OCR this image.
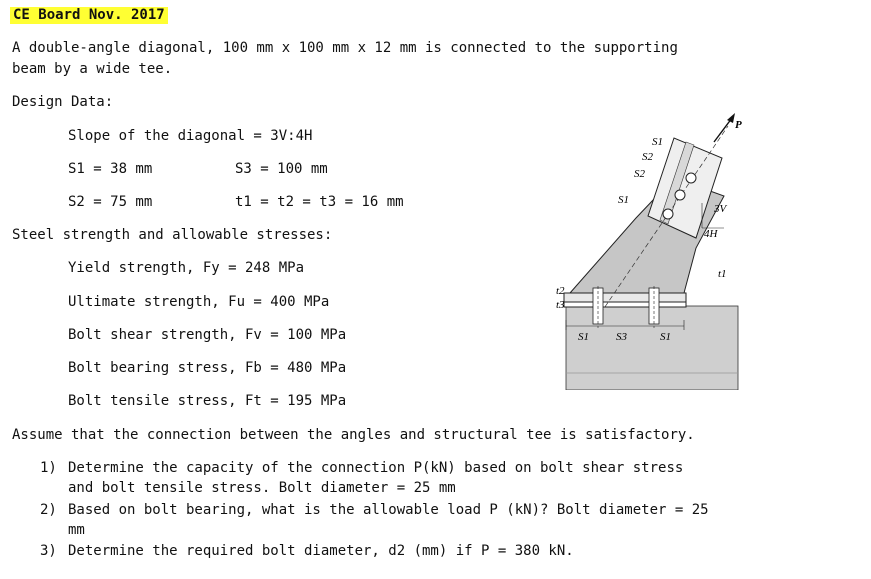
CE Board Nov. 2017
A double-angle diagonal, 100 mm x 100 mm x 12 mm is connected to the supporting
beam by a wide tee.
Design Data:
Slope of the diagonal = 3V:4H
S1 = 38 mm	S3 = 100 mm
S2 = 75 mm	t1 = t2 = t3 = 16 mm
Steel strength and allowable stresses:
Yield strength, Fy = 248 MPa
Ultimate strength, Fu = 400 MPa
Bolt shear strength, Fv = 100 MPa
Bolt bearing stress, Fb = 480 MPa
Bolt tensile stress, Ft = 195 MPa
Assume that the connection between the angles and structural tee is satisfactory.
1) Determine the capacity of the connection P(kN) based on bolt shear stress
and bolt tensile stress. Bolt diameter = 25 mm
2) Based on bolt bearing, what is the allowable load P (kN)? Bolt diameter = 25
mm
3) Determine the required bolt diameter, d2 (mm) if P = 380 kN.
P
S1
S2
S2
S1
3V
4H
t1
t2
t3
S1 S3	S1
